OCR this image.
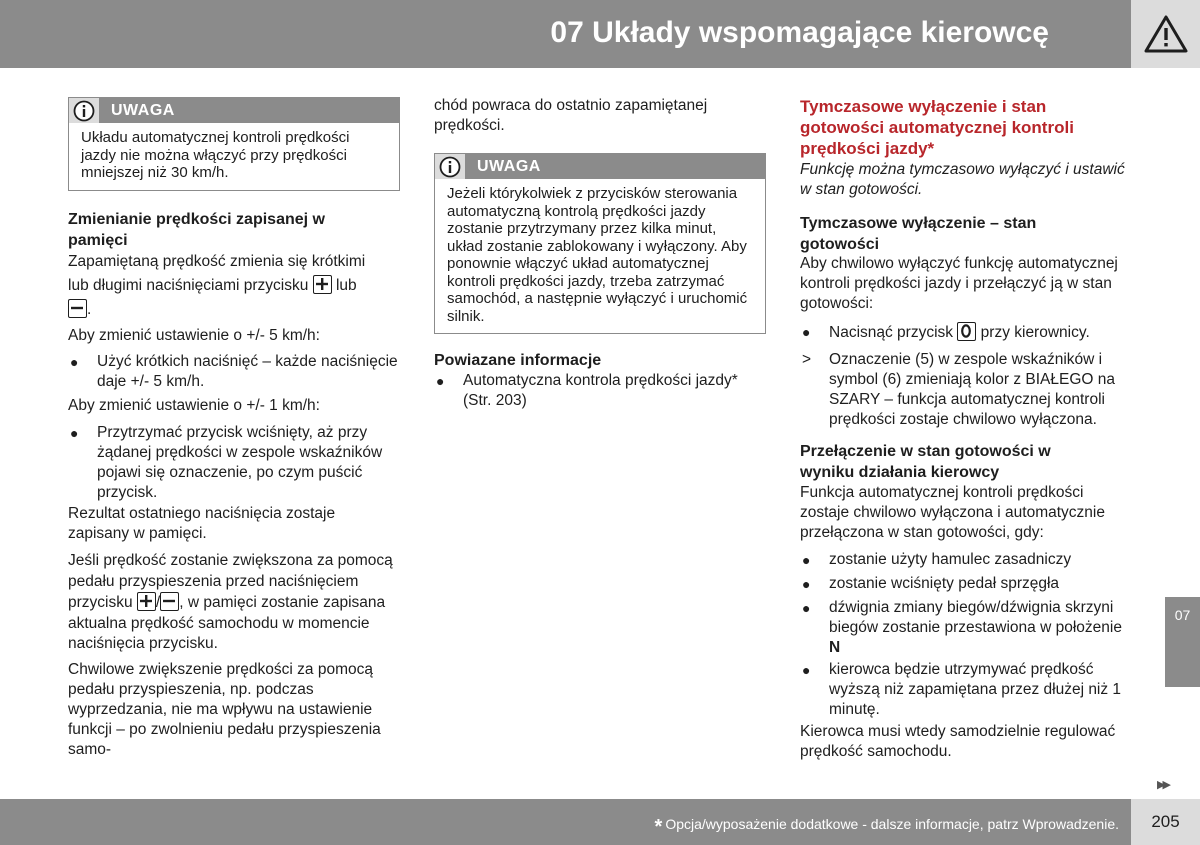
07 Układy wspomagające kierowcę
UWAGA
Układu automatycznej kontroli prędkości jazdy nie można włączyć przy prędkości mniejszej niż 30 km/h.

Zmienianie prędkości zapisanej w pamięci

Zapamiętaną prędkość zmienia się krótkimi lub długimi naciśnięciami przycisku lub

.

Aby zmienić ustawienie o +/- 5 km/h:

● Użyć krótkich naciśnięć – każde naciśnięcie daje +/- 5 km/h.

Aby zmienić ustawienie o +/- 1 km/h:

● Przytrzymać przycisk wciśnięty, aż przy żądanej prędkości w zespole wskaźników pojawi się oznaczenie, po czym puścić przycisk.

Rezultat ostatniego naciśnięcia zostaje zapisany w pamięci.

Jeśli prędkość zostanie zwiększona za pomocą pedału przyspieszenia przed naciśnięciem przycisku / , w pamięci zostanie zapisana aktualna prędkość samochodu w momencie naciśnięcia przycisku.

Chwilowe zwiększenie prędkości za pomocą pedału przyspieszenia, np. podczas wyprzedzania, nie ma wpływu na ustawienie funkcji – po zwolnieniu pedału przyspieszenia samo-

chód powraca do ostatnio zapamiętanej prędkości.

UWAGA
Jeżeli którykolwiek z przycisków sterowania automatyczną kontrolą prędkości jazdy zostanie przytrzymany przez kilka minut, układ zostanie zablokowany i wyłączony. Aby ponownie włączyć układ automatycznej kontroli prędkości jazdy, trzeba zatrzymać samochód, a następnie wyłączyć i uruchomić silnik.

Powiazane informacje

● Automatyczna kontrola prędkości jazdy* (Str. 203)

Tymczasowe wyłączenie i stan gotowości automatycznej kontroli prędkości jazdy*

Funkcję można tymczasowo wyłączyć i ustawić w stan gotowości.

Tymczasowe wyłączenie – stan gotowości

Aby chwilowo wyłączyć funkcję automatycznej kontroli prędkości jazdy i przełączyć ją w stan gotowości:

● Nacisnąć przycisk przy kierownicy.
> Oznaczenie (5) w zespole wskaźników i symbol (6) zmieniają kolor z BIAŁEGO na SZARY – funkcja automatycznej kontroli prędkości zostaje chwilowo wyłączona.

Przełączenie w stan gotowości w wyniku działania kierowcy

Funkcja automatycznej kontroli prędkości zostaje chwilowo wyłączona i automatycznie przełączona w stan gotowości, gdy:

● zostanie użyty hamulec zasadniczy
● zostanie wciśnięty pedał sprzęgła
● dźwignia zmiany biegów/dźwignia skrzyni biegów zostanie przestawiona w położenie N
● kierowca będzie utrzymywać prędkość wyższą niż zapamiętana przez dłużej niż 1 minutę.

Kierowca musi wtedy samodzielnie regulować prędkość samochodu.

07
▶▶
* Opcja/wyposażenie dodatkowe - dalsze informacje, patrz Wprowadzenie.	205
